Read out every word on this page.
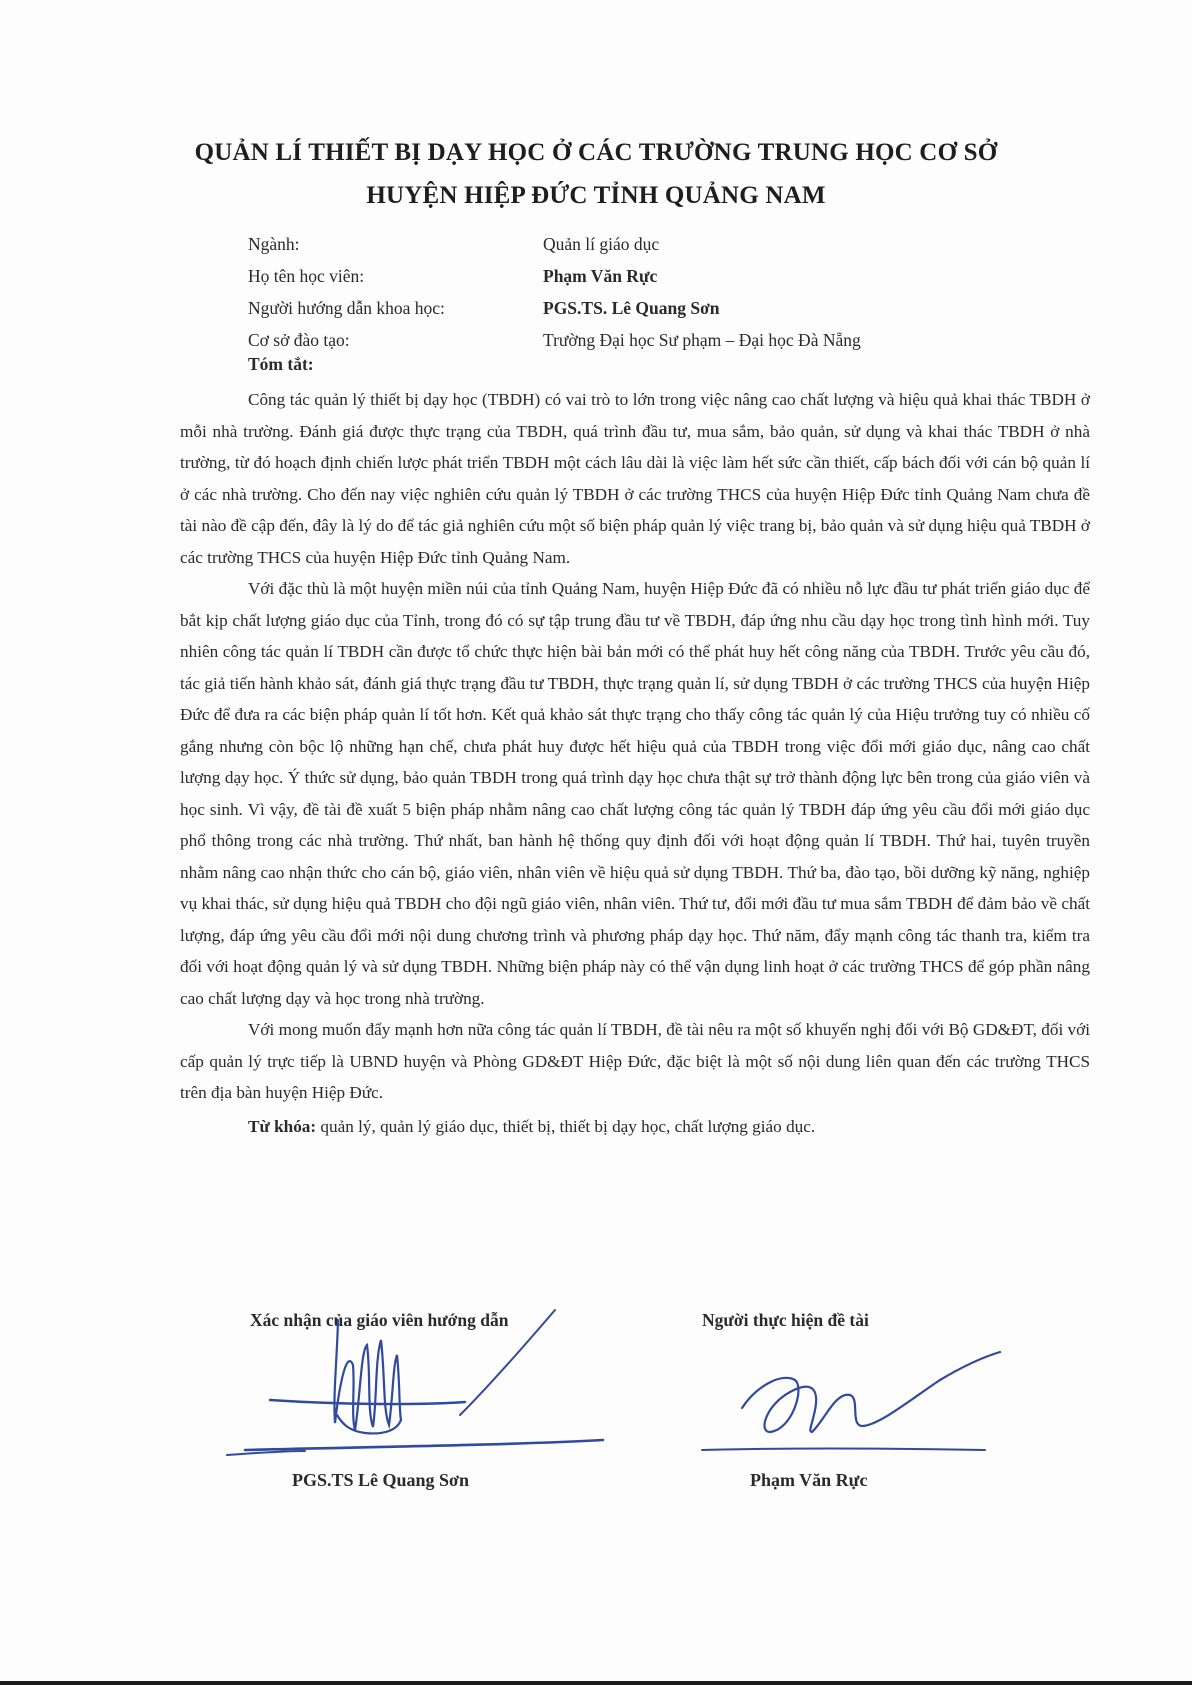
QUẢN LÍ THIẾT BỊ DẠY HỌC Ở CÁC TRƯỜNG TRUNG HỌC CƠ SỞ
HUYỆN HIỆP ĐỨC TỈNH QUẢNG NAM
Ngành:	Quản lí giáo dục
Họ tên học viên:	Phạm Văn Rực
Người hướng dẫn khoa học:	PGS.TS. Lê Quang Sơn
Cơ sở đào tạo:	Trường Đại học Sư phạm – Đại học Đà Nẵng
Tóm tắt:

Công tác quản lý thiết bị dạy học (TBDH) có vai trò to lớn trong việc nâng cao chất lượng và hiệu quả khai thác TBDH ở mỗi nhà trường. Đánh giá được thực trạng của TBDH, quá trình đầu tư, mua sắm, bảo quản, sử dụng và khai thác TBDH ở nhà trường, từ đó hoạch định chiến lược phát triển TBDH một cách lâu dài là việc làm hết sức cần thiết, cấp bách đối với cán bộ quản lí ở các nhà trường. Cho đến nay việc nghiên cứu quản lý TBDH ở các trường THCS của huyện Hiệp Đức tỉnh Quảng Nam chưa đề tài nào đề cập đến, đây là lý do để tác giả nghiên cứu một số biện pháp quản lý việc trang bị, bảo quản và sử dụng hiệu quả TBDH ở các trường THCS của huyện Hiệp Đức tỉnh Quảng Nam.

Với đặc thù là một huyện miền núi của tỉnh Quảng Nam, huyện Hiệp Đức đã có nhiều nỗ lực đầu tư phát triển giáo dục để bắt kịp chất lượng giáo dục của Tỉnh, trong đó có sự tập trung đầu tư về TBDH, đáp ứng nhu cầu dạy học trong tình hình mới. Tuy nhiên công tác quản lí TBDH cần được tổ chức thực hiện bài bản mới có thể phát huy hết công năng của TBDH. Trước yêu cầu đó, tác giả tiến hành khảo sát, đánh giá thực trạng đầu tư TBDH, thực trạng quản lí, sử dụng TBDH ở các trường THCS của huyện Hiệp Đức để đưa ra các biện pháp quản lí tốt hơn. Kết quả khảo sát thực trạng cho thấy công tác quản lý của Hiệu trưởng tuy có nhiều cố gắng nhưng còn bộc lộ những hạn chế, chưa phát huy được hết hiệu quả của TBDH trong việc đổi mới giáo dục, nâng cao chất lượng dạy học. Ý thức sử dụng, bảo quản TBDH trong quá trình dạy học chưa thật sự trở thành động lực bên trong của giáo viên và học sinh. Vì vậy, đề tài đề xuất 5 biện pháp nhằm nâng cao chất lượng công tác quản lý TBDH đáp ứng yêu cầu đổi mới giáo dục phổ thông trong các nhà trường. Thứ nhất, ban hành hệ thống quy định đối với hoạt động quản lí TBDH. Thứ hai, tuyên truyền nhằm nâng cao nhận thức cho cán bộ, giáo viên, nhân viên về hiệu quả sử dụng TBDH. Thứ ba, đào tạo, bồi dưỡng kỹ năng, nghiệp vụ khai thác, sử dụng hiệu quả TBDH cho đội ngũ giáo viên, nhân viên. Thứ tư, đổi mới đầu tư mua sắm TBDH để đảm bảo về chất lượng, đáp ứng yêu cầu đổi mới nội dung chương trình và phương pháp dạy học. Thứ năm, đẩy mạnh công tác thanh tra, kiểm tra đối với hoạt động quản lý và sử dụng TBDH. Những biện pháp này có thể vận dụng linh hoạt ở các trường THCS để góp phần nâng cao chất lượng dạy và học trong nhà trường.

Với mong muốn đẩy mạnh hơn nữa công tác quản lí TBDH, đề tài nêu ra một số khuyến nghị đối với Bộ GD&ĐT, đối với cấp quản lý trực tiếp là UBND huyện và Phòng GD&ĐT Hiệp Đức, đặc biệt là một số nội dung liên quan đến các trường THCS trên địa bàn huyện Hiệp Đức.

Từ khóa: quản lý, quản lý giáo dục, thiết bị, thiết bị dạy học, chất lượng giáo dục.

Xác nhận của giáo viên hướng dẫn	Người thực hiện đề tài
PGS.TS Lê Quang Sơn	Phạm Văn Rực
